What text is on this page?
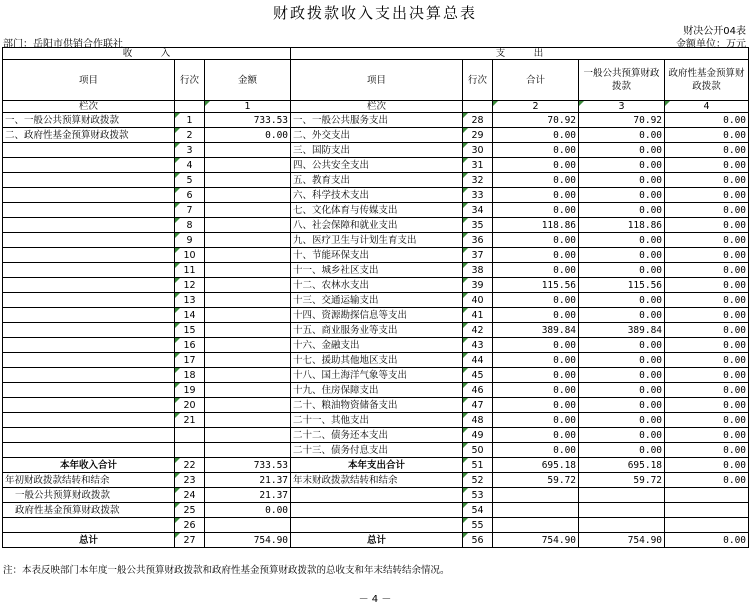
财政拨款收入支出决算总表
财决公开04表
部门：岳阳市供销合作联社	金额单位：万元
收　　　入			支　　　出				
项目	行次	金额	项目	行次	合计	一般公共预算财政拨款	政府性基金预算财政拨款
栏次		1	栏次		2	3	4
一、一般公共预算财政拨款	1	733.53	一、一般公共服务支出	28	70.92	70.92	0.00
二、政府性基金预算财政拨款	2	0.00	二、外交支出	29	0.00	0.00	0.00
	3		三、国防支出	30	0.00	0.00	0.00
	4		四、公共安全支出	31	0.00	0.00	0.00
	5		五、教育支出	32	0.00	0.00	0.00
	6		六、科学技术支出	33	0.00	0.00	0.00
	7		七、文化体育与传媒支出	34	0.00	0.00	0.00
	8		八、社会保障和就业支出	35	118.86	118.86	0.00
	9		九、医疗卫生与计划生育支出	36	0.00	0.00	0.00
	10		十、节能环保支出	37	0.00	0.00	0.00
	11		十一、城乡社区支出	38	0.00	0.00	0.00
	12		十二、农林水支出	39	115.56	115.56	0.00
	13		十三、交通运输支出	40	0.00	0.00	0.00
	14		十四、资源勘探信息等支出	41	0.00	0.00	0.00
	15		十五、商业服务业等支出	42	389.84	389.84	0.00
	16		十六、金融支出	43	0.00	0.00	0.00
	17		十七、援助其他地区支出	44	0.00	0.00	0.00
	18		十八、国土海洋气象等支出	45	0.00	0.00	0.00
	19		十九、住房保障支出	46	0.00	0.00	0.00
	20		二十、粮油物资储备支出	47	0.00	0.00	0.00
	21		二十一、其他支出	48	0.00	0.00	0.00
			二十二、债务还本支出	49	0.00	0.00	0.00
			二十三、债务付息支出	50	0.00	0.00	0.00
本年收入合计	22	733.53	本年支出合计	51	695.18	695.18	0.00
年初财政拨款结转和结余	23	21.37	年末财政拨款结转和结余	52	59.72	59.72	0.00
一般公共预算财政拨款	24	21.37		53			
政府性基金预算财政拨款	25	0.00		54			
	26			55			
总计	27	754.90	总计	56	754.90	754.90	0.00
注：本表反映部门本年度一般公共预算财政拨款和政府性基金预算财政拨款的总收支和年末结转结余情况。
－ 4 －
